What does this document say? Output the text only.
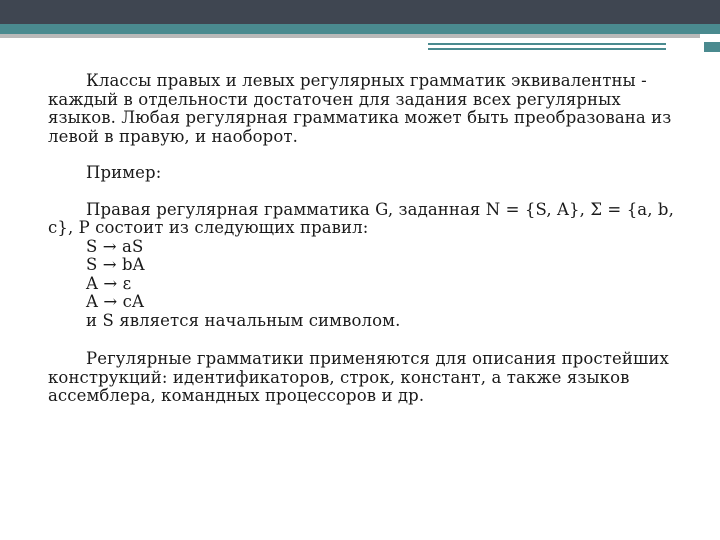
Классы правых и левых регулярных грамматик эквивалентны - каждый в отдельности достаточен для задания всех регулярных языков. Любая регулярная грамматика может быть преобразована из левой в правую, и наоборот.

Пример:

Правая регулярная грамматика G, заданная N = {S, A}, Σ = {a, b, c}, P состоит из следующих правил:

S → aS

S → bA

A → ε

A → cA

и S является начальным символом.

Регулярные грамматики применяются для описания простейших конструкций: идентификаторов, строк, констант, а также языков ассемблера, командных процессоров и др.
